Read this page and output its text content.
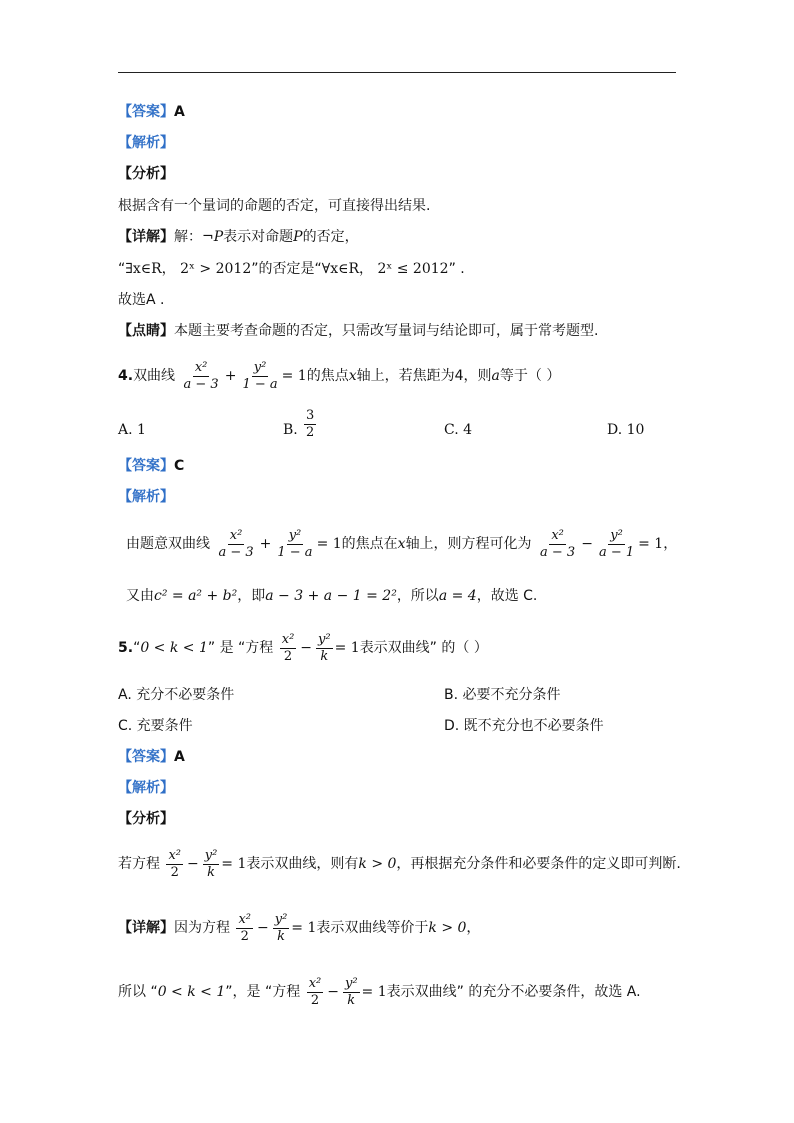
【答案】A
【解析】
【分析】
根据含有一个量词的命题的否定，可直接得出结果.
【详解】解：¬P表示对命题P的否定，
“∃x∈R， 2ˣ > 2012”的否定是“∀x∈R， 2ˣ ≤ 2012” .
故选A .
【点睛】本题主要考查命题的否定，只需改写量词与结论即可，属于常考题型.
4.双曲线 $\frac{\text{x²}}{a - 3} + \frac{\text{y²}}{1 - a} = 1$的焦点x轴上，若焦距为4，则a等于（ ）
A. 1	B. $\frac{3}{2}$	C. 4	D. 10
【答案】C
【解析】
由题意双曲线 $\frac{\text{x²}}{a - 3} + \frac{\text{y²}}{1 - a} = 1$的焦点在x轴上，则方程可化为 $\frac{\text{x²}}{a - 3} - \frac{\text{y²}}{a - 1} = 1$，
又由c² = a² + b²，即a − 3 + a − 1 = 2²，所以a = 4，故选 C.
5.“0 < k < 1” 是 “方程 $\frac{\text{x²}}{2} - \frac{\text{y²}}{k} = 1$表示双曲线” 的（ ）
A. 充分不必要条件	B. 必要不充分条件
C. 充要条件	D. 既不充分也不必要条件
【答案】A
【解析】
【分析】
若方程 $\frac{\text{x²}}{2} - \frac{\text{y²}}{k} = 1$表示双曲线，则有k > 0，再根据充分条件和必要条件的定义即可判断.
【详解】因为方程 $\frac{\text{x²}}{2} - \frac{\text{y²}}{k} = 1$表示双曲线等价于k > 0，
所以 “0 < k < 1”，是 “方程 $\frac{\text{x²}}{2} - \frac{\text{y²}}{k} = 1$表示双曲线” 的充分不必要条件，故选 A.
